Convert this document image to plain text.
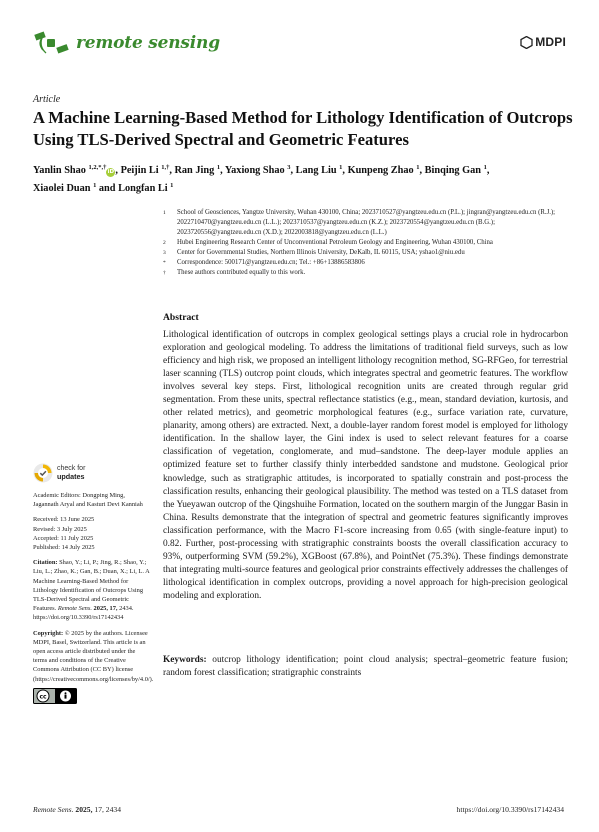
remote sensing	MDPI
Article
A Machine Learning-Based Method for Lithology Identification of Outcrops Using TLS-Derived Spectral and Geometric Features
Yanlin Shao $^{1,2,*,\dagger}$iD, Peijin Li $^{1,\dagger}$, Ran Jing $^1$, Yaxiong Shao $^3$, Lang Liu $^1$, Kunpeng Zhao $^1$, Binqing Gan $^1$,
Xiaolei Duan $^1$ and Longfan Li $^1$
1	School of Geosciences, Yangtze University, Wuhan 430100, China; 2023710527@yangtzeu.edu.cn (P.L.); jingran@yangtzeu.edu.cn (R.J.); 2022710470@yangtzeu.edu.cn (L.L.); 2023710537@yangtzeu.edu.cn (K.Z.); 2023720554@yangtzeu.edu.cn (B.G.); 2023720556@yangtzeu.edu.cn (X.D.); 2022003818@yangtzeu.edu.cn (L.L.)
2	Hubei Engineering Research Center of Unconventional Petroleum Geology and Engineering, Wuhan 430100, China
3	Center for Governmental Studies, Northern Illinois University, DeKalb, IL 60115, USA; yshao1@niu.edu
*	Correspondence: 500171@yangtzeu.edu.cn; Tel.: +86+13886583806
†	These authors contributed equally to this work.
Abstract

Lithological identification of outcrops in complex geological settings plays a crucial role in hydrocarbon exploration and geological modeling. To address the limitations of traditional field surveys, such as low efficiency and high risk, we proposed an intelligent lithology recognition method, SG-RFGeo, for terrestrial laser scanning (TLS) outcrop point clouds, which integrates spectral and geometric features. The workflow involves several key steps. First, lithological recognition units are created through regular grid segmentation. From these units, spectral reflectance statistics (e.g., mean, standard deviation, kurtosis, and other related metrics), and geometric morphological features (e.g., surface variation rate, curvature, planarity, among others) are extracted. Next, a double-layer random forest model is employed for lithology identification. In the shallow layer, the Gini index is used to select relevant features for a coarse classification of vegetation, conglomerate, and mud–sandstone. The deep-layer module applies an optimized feature set to further classify thinly interbedded sandstone and mudstone. Geological prior knowledge, such as stratigraphic attitudes, is incorporated to spatially constrain and post-process the classification results, enhancing their geological plausibility. The method was tested on a TLS dataset from the Yueyawan outcrop of the Qingshuihe Formation, located on the southern margin of the Junggar Basin in China. Results demonstrate that the integration of spectral and geometric features significantly improves classification performance, with the Macro F1-score increasing from 0.65 (with single-feature input) to 0.82. Further, post-processing with stratigraphic constraints boosts the overall classification accuracy to 93%, outperforming SVM (59.2%), XGBoost (67.8%), and PointNet (75.3%). These findings demonstrate that integrating multi-source features and geological prior constraints effectively addresses the challenges of lithological identification in complex outcrops, providing a novel approach for high-precision geological modeling and exploration.

Keywords: outcrop lithology identification; point cloud analysis; spectral–geometric feature fusion; random forest classification; stratigraphic constraints

check for
updates
Academic Editors: Dongping Ming, Jagannath Aryal and Kasturi Devi Kanniah
Received: 13 June 2025
Revised: 3 July 2025
Accepted: 11 July 2025
Published: 14 July 2025
Citation: Shao, Y.; Li, P.; Jing, R.; Shao, Y.; Liu, L.; Zhao, K.; Gan, B.; Duan, X.; Li, L. A Machine Learning-Based Method for Lithology Identification of Outcrops Using TLS-Derived Spectral and Geometric Features. Remote Sens. 2025, 17, 2434. https://doi.org/10.3390/rs17142434
Copyright: © 2025 by the authors. Licensee MDPI, Basel, Switzerland. This article is an open access article distributed under the terms and conditions of the Creative Commons Attribution (CC BY) license (https://creativecommons.org/licenses/by/4.0/).
cc
Remote Sens. 2025, 17, 2434	https://doi.org/10.3390/rs17142434
